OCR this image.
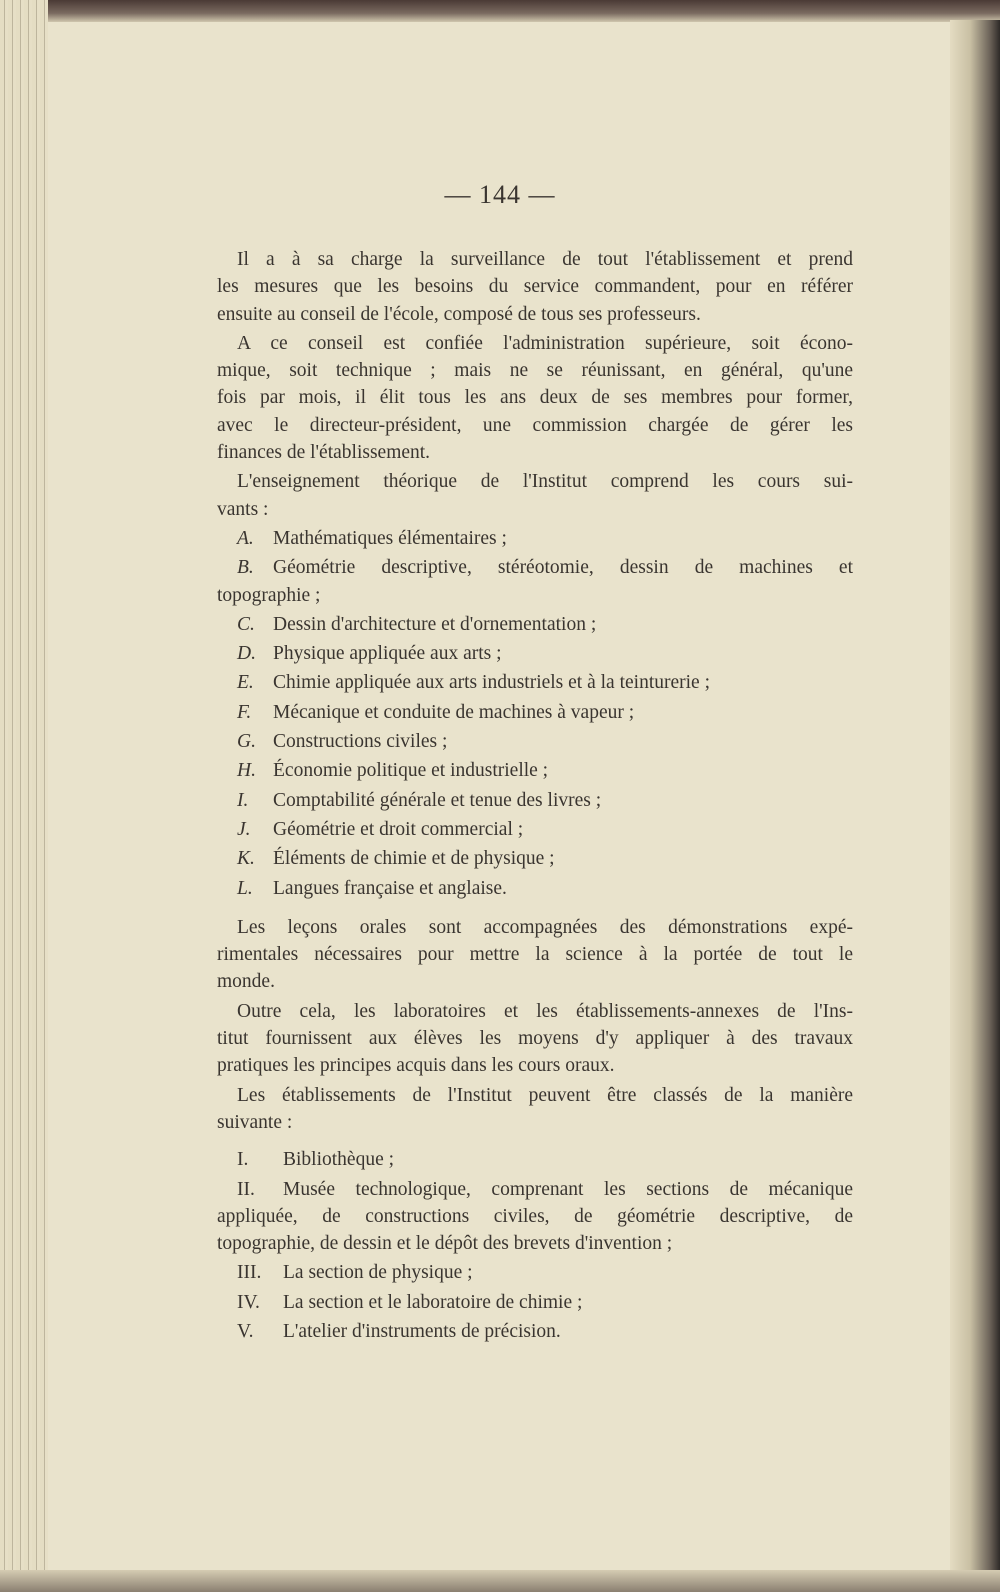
— 144 —
Il a à sa charge la surveillance de tout l'établissement et prend
les mesures que les besoins du service commandent, pour en référer
ensuite au conseil de l'école, composé de tous ses professeurs.
A ce conseil est confiée l'administration supérieure, soit écono-
mique, soit technique ; mais ne se réunissant, en général, qu'une
fois par mois, il élit tous les ans deux de ses membres pour former,
avec le directeur-président, une commission chargée de gérer les
finances de l'établissement.
L'enseignement théorique de l'Institut comprend les cours sui-
vants :
A. Mathématiques élémentaires ;
B. Géométrie descriptive, stéréotomie, dessin de machines et
topographie ;
C. Dessin d'architecture et d'ornementation ;
D. Physique appliquée aux arts ;
E. Chimie appliquée aux arts industriels et à la teinturerie ;
F. Mécanique et conduite de machines à vapeur ;
G. Constructions civiles ;
H. Économie politique et industrielle ;
I. Comptabilité générale et tenue des livres ;
J. Géométrie et droit commercial ;
K. Éléments de chimie et de physique ;
L. Langues française et anglaise.
Les leçons orales sont accompagnées des démonstrations expé-
rimentales nécessaires pour mettre la science à la portée de tout le
monde.
Outre cela, les laboratoires et les établissements-annexes de l'Ins-
titut fournissent aux élèves les moyens d'y appliquer à des travaux
pratiques les principes acquis dans les cours oraux.
Les établissements de l'Institut peuvent être classés de la manière
suivante :
I. Bibliothèque ;
II. Musée technologique, comprenant les sections de mécanique
appliquée, de constructions civiles, de géométrie descriptive, de
topographie, de dessin et le dépôt des brevets d'invention ;
III. La section de physique ;
IV. La section et le laboratoire de chimie ;
V. L'atelier d'instruments de précision.
